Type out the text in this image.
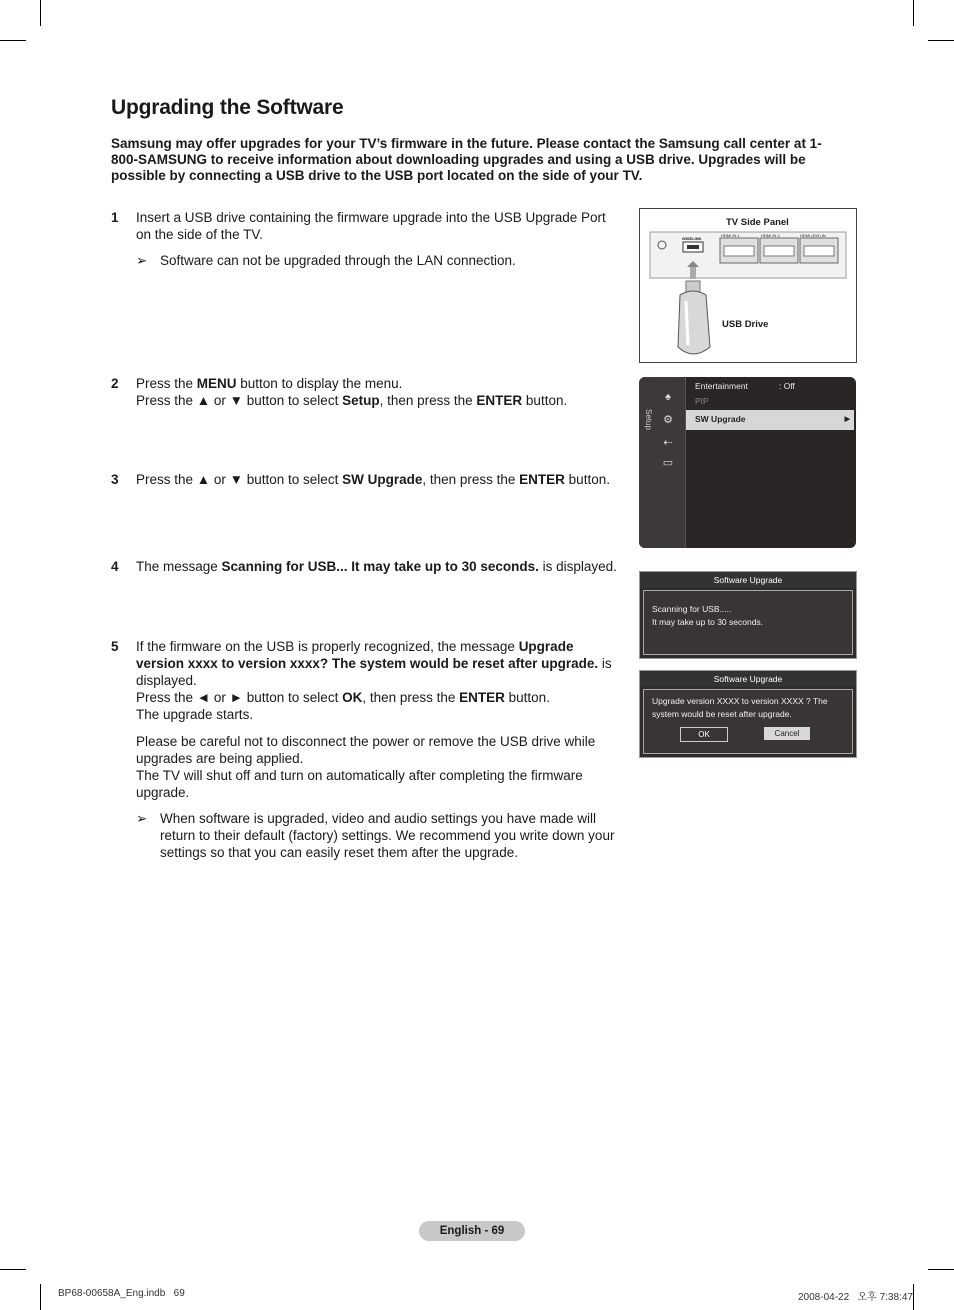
Upgrading the Software
Samsung may offer upgrades for your TV’s firmware in the future. Please contact the Samsung call center at 1-800-SAMSUNG to receive information about downloading upgrades and using a USB drive. Upgrades will be possible by connecting a USB drive to the USB port located on the side of your TV.
1	Insert a USB drive containing the firmware upgrade into the USB Upgrade Port

on the side of the TV.

➢ Software can not be upgraded through the LAN connection.
2	Press the MENU button to display the menu.

Press the ▲ or ▼ button to select Setup, then press the ENTER button.

3	Press the ▲ or ▼ button to select SW Upgrade, then press the ENTER button.

4	The message Scanning for USB... It may take up to 30 seconds. is displayed.

5	If the firmware on the USB is properly recognized, the message Upgrade

version xxxx to version xxxx? The system would be reset after upgrade. is

displayed.

Press the ◄ or ► button to select OK, then press the ENTER button.

The upgrade starts.

Please be careful not to disconnect the power or remove the USB drive while

upgrades are being applied.

The TV will shut off and turn on automatically after completing the firmware

upgrade.

➢ When software is upgraded, video and audio settings you have made will
return to their default (factory) settings. We recommend you write down your
settings so that you can easily reset them after the upgrade.
TV Side Panel
WISELINK
HDMI IN 1	HDMI IN 2	HDMI (DVI) IN
USB Drive
Setup
♠
⚙
⇠
▭
Entertainment	: Off
PIP
SW Upgrade	▶
Software Upgrade
Scanning for USB.....
It may take up to 30 seconds.
Software Upgrade
Upgrade version XXXX to version XXXX ? The
system would be reset after upgrade.
OK	Cancel
English - 69
BP68-00658A_Eng.indb   69	2008-04-22   오후 7:38:47
